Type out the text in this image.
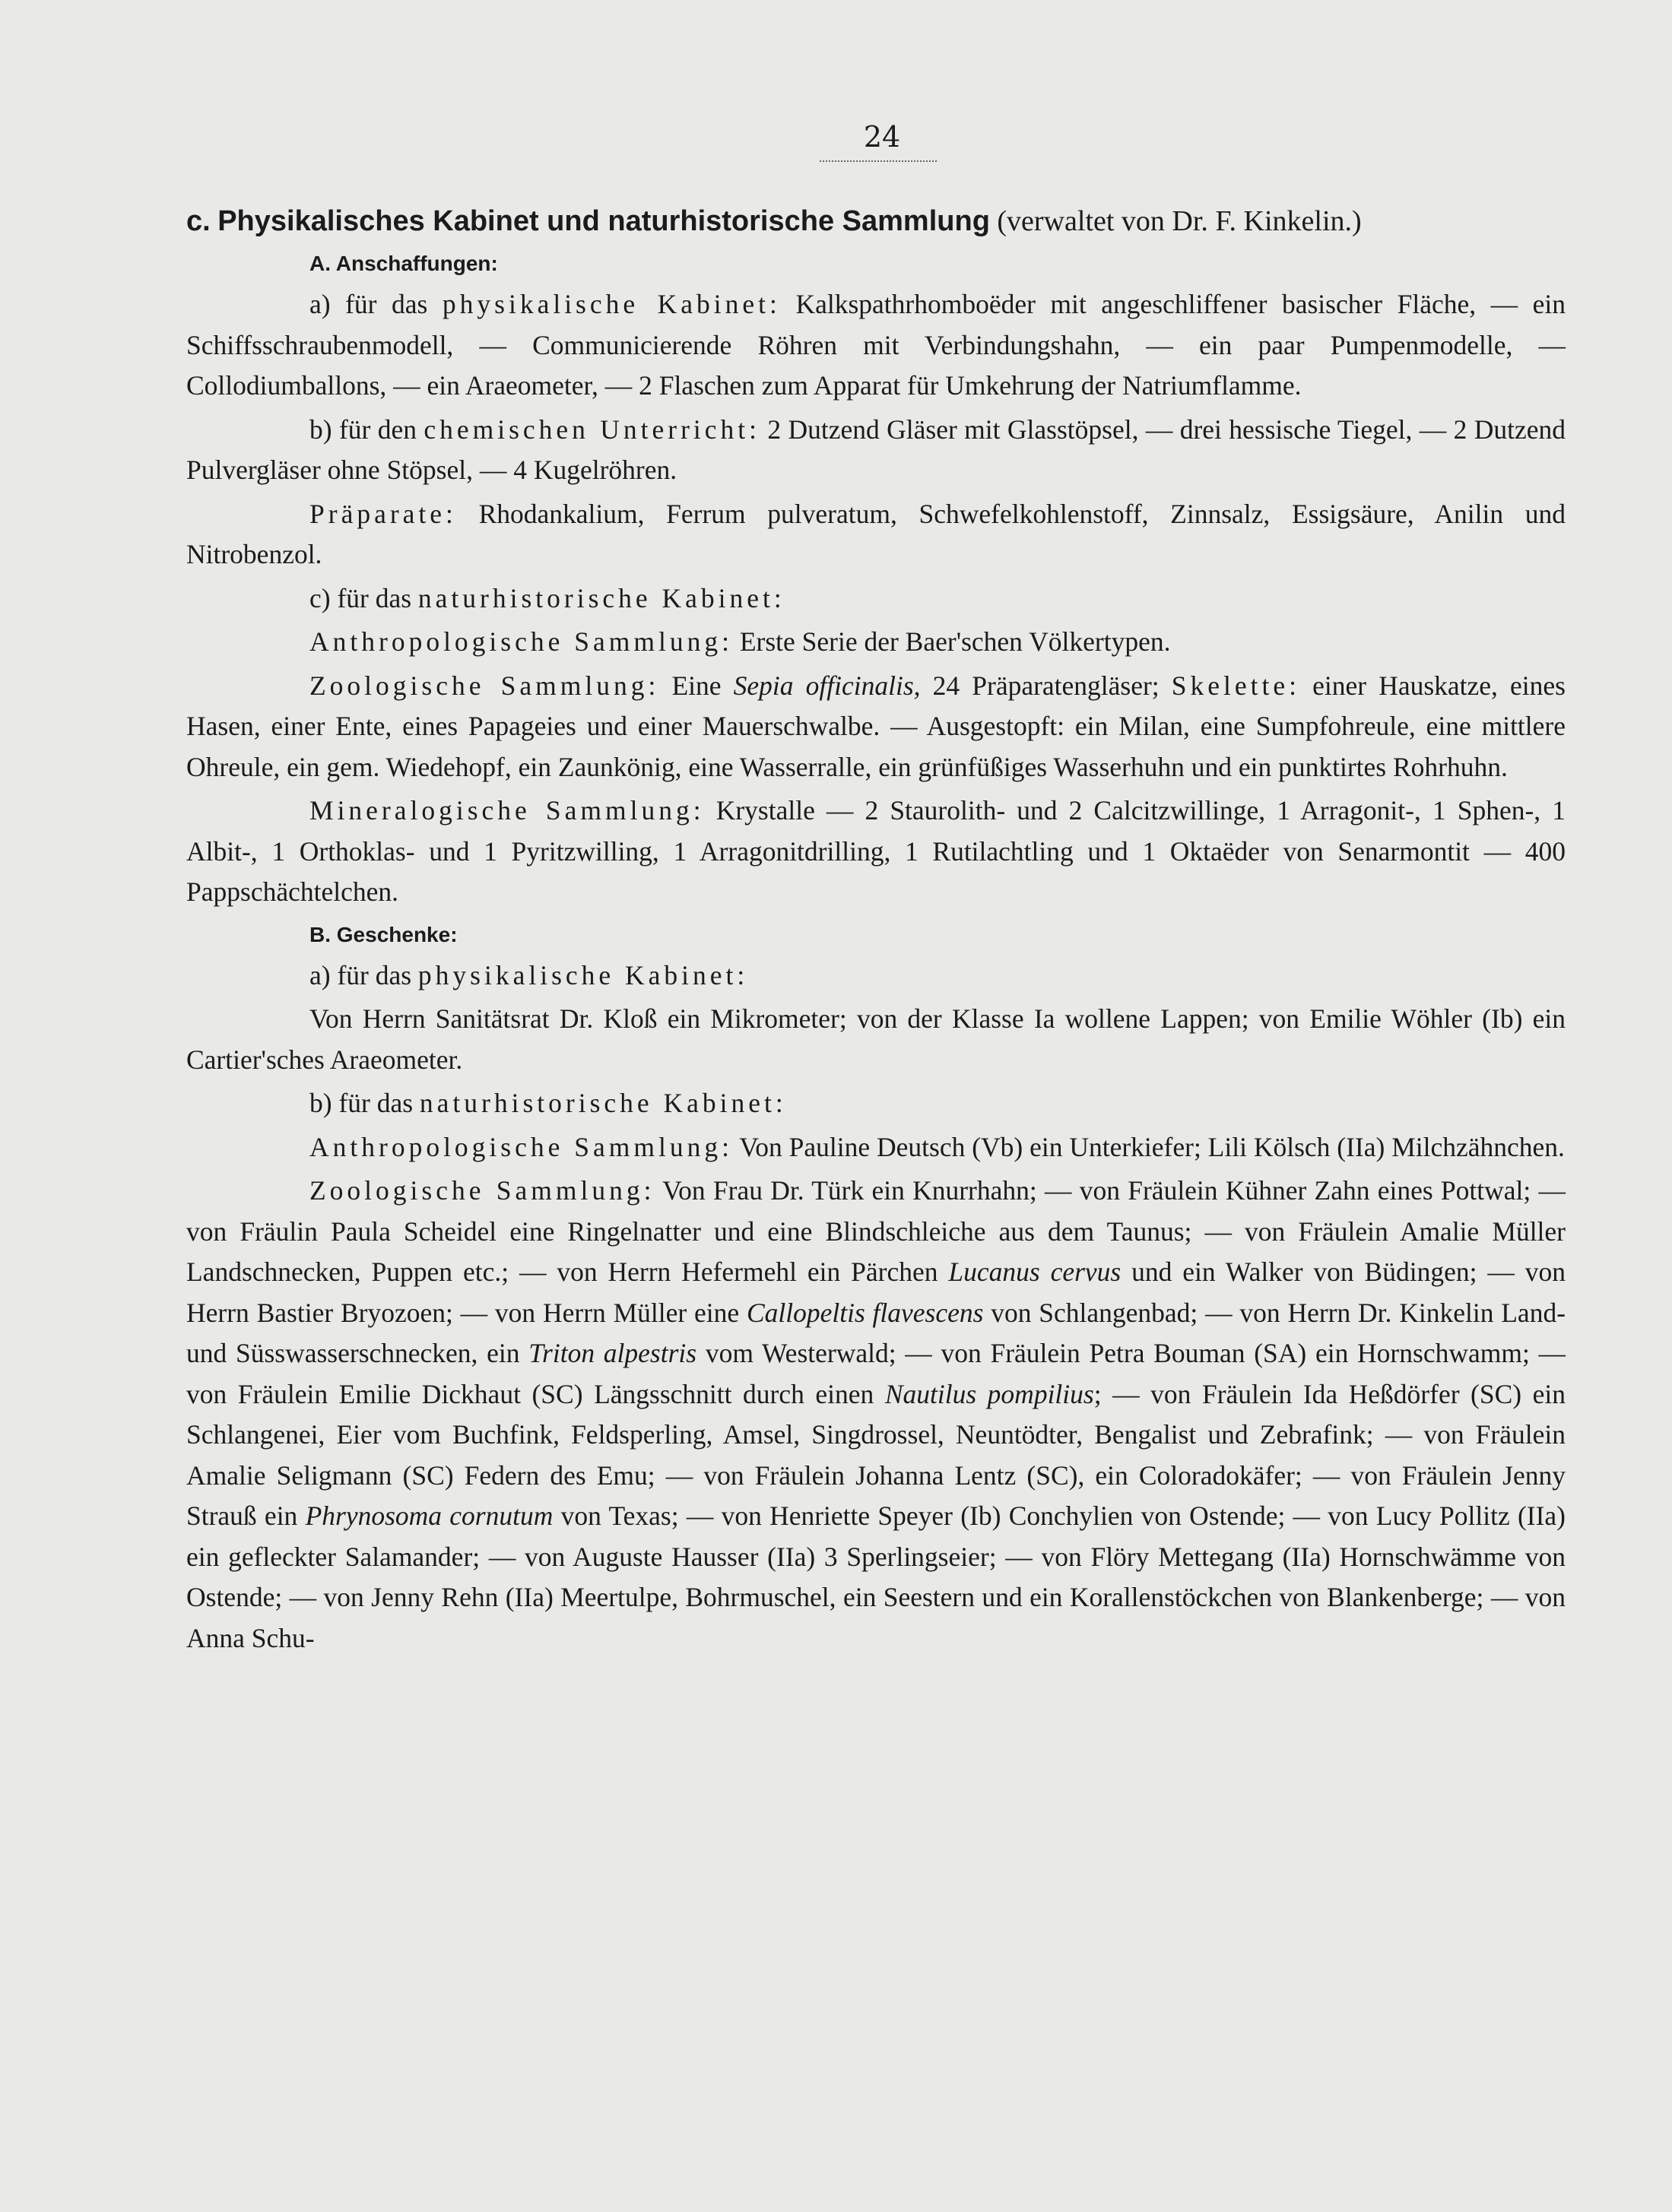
24
c. Physikalisches Kabinet und naturhistorische Sammlung (verwaltet von Dr. F. Kinkelin.)
A. Anschaffungen:

a) für das physikalische Kabinet: Kalkspathrhomboëder mit angeschliffener basischer Fläche, — ein Schiffsschraubenmodell, — Communicierende Röhren mit Verbindungshahn, — ein paar Pumpenmodelle, — Collodiumballons, — ein Araeometer, — 2 Flaschen zum Apparat für Umkehrung der Natriumflamme.

b) für den chemischen Unterricht: 2 Dutzend Gläser mit Glasstöpsel, — drei hessische Tiegel, — 2 Dutzend Pulvergläser ohne Stöpsel, — 4 Kugelröhren.

Präparate: Rhodankalium, Ferrum pulveratum, Schwefelkohlenstoff, Zinnsalz, Essigsäure, Anilin und Nitrobenzol.

c) für das naturhistorische Kabinet:

Anthropologische Sammlung: Erste Serie der Baer'schen Völkertypen.

Zoologische Sammlung: Eine Sepia officinalis, 24 Präparatengläser; Skelette: einer Hauskatze, eines Hasen, einer Ente, eines Papageies und einer Mauerschwalbe. — Ausgestopft: ein Milan, eine Sumpfohreule, eine mittlere Ohreule, ein gem. Wiedehopf, ein Zaunkönig, eine Wasserralle, ein grünfüßiges Wasserhuhn und ein punktirtes Rohrhuhn.

Mineralogische Sammlung: Krystalle — 2 Staurolith- und 2 Calcitzwillinge, 1 Arragonit-, 1 Sphen-, 1 Albit-, 1 Orthoklas- und 1 Pyritzwilling, 1 Arragonitdrilling, 1 Rutilachtling und 1 Oktaëder von Senarmontit — 400 Pappschächtelchen.

B. Geschenke:

a) für das physikalische Kabinet:

Von Herrn Sanitätsrat Dr. Kloß ein Mikrometer; von der Klasse Ia wollene Lappen; von Emilie Wöhler (Ib) ein Cartier'sches Araeometer.

b) für das naturhistorische Kabinet:

Anthropologische Sammlung: Von Pauline Deutsch (Vb) ein Unterkiefer; Lili Kölsch (IIa) Milchzähnchen.

Zoologische Sammlung: Von Frau Dr. Türk ein Knurrhahn; — von Fräulein Kühner Zahn eines Pottwal; — von Fräulin Paula Scheidel eine Ringelnatter und eine Blindschleiche aus dem Taunus; — von Fräulein Amalie Müller Landschnecken, Puppen etc.; — von Herrn Hefermehl ein Pärchen Lucanus cervus und ein Walker von Büdingen; — von Herrn Bastier Bryozoen; — von Herrn Müller eine Callopeltis flavescens von Schlangenbad; — von Herrn Dr. Kinkelin Land- und Süsswasserschnecken, ein Triton alpestris vom Westerwald; — von Fräulein Petra Bouman (SA) ein Hornschwamm; — von Fräulein Emilie Dickhaut (SC) Längsschnitt durch einen Nautilus pompilius; — von Fräulein Ida Heßdörfer (SC) ein Schlangenei, Eier vom Buchfink, Feldsperling, Amsel, Singdrossel, Neuntödter, Bengalist und Zebrafink; — von Fräulein Amalie Seligmann (SC) Federn des Emu; — von Fräulein Johanna Lentz (SC), ein Coloradokäfer; — von Fräulein Jenny Strauß ein Phrynosoma cornutum von Texas; — von Henriette Speyer (Ib) Conchylien von Ostende; — von Lucy Pollitz (IIa) ein gefleckter Salamander; — von Auguste Hausser (IIa) 3 Sperlingseier; — von Flöry Mettegang (IIa) Hornschwämme von Ostende; — von Jenny Rehn (IIa) Meertulpe, Bohrmuschel, ein Seestern und ein Korallenstöckchen von Blankenberge; — von Anna Schu-
